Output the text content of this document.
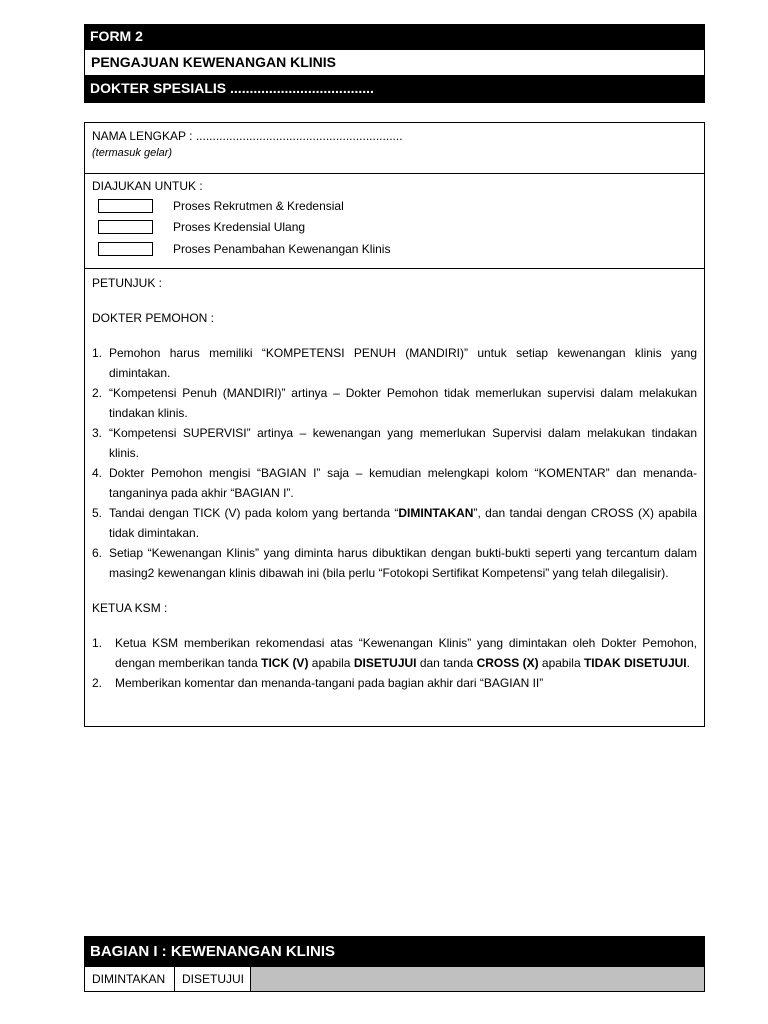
FORM 2
PENGAJUAN KEWENANGAN KLINIS
DOKTER SPESIALIS .....................................
NAMA LENGKAP : ..............................................................
(termasuk gelar)
DIAJUKAN UNTUK :
Proses Rekrutmen & Kredensial
Proses Kredensial Ulang
Proses Penambahan Kewenangan Klinis

PETUNJUK :

DOKTER PEMOHON :

1. Pemohon harus memiliki “KOMPETENSI PENUH (MANDIRI)” untuk setiap kewenangan klinis yang dimintakan.
2. “Kompetensi Penuh (MANDIRI)” artinya – Dokter Pemohon tidak memerlukan supervisi dalam melakukan tindakan klinis.
3. “Kompetensi SUPERVISI” artinya – kewenangan yang memerlukan Supervisi dalam melakukan tindakan klinis.
4. Dokter Pemohon mengisi “BAGIAN I” saja – kemudian melengkapi kolom “KOMENTAR” dan menanda-tanganinya pada akhir “BAGIAN I”.
5. Tandai dengan TICK (V) pada kolom yang bertanda “DIMINTAKAN”, dan tandai dengan CROSS (X) apabila tidak dimintakan.
6. Setiap “Kewenangan Klinis” yang diminta harus dibuktikan dengan bukti-bukti seperti yang tercantum dalam masing2 kewenangan klinis dibawah ini (bila perlu “Fotokopi Sertifikat Kompetensi” yang telah dilegalisir).

KETUA KSM :

1. Ketua KSM memberikan rekomendasi atas “Kewenangan Klinis” yang dimintakan oleh Dokter Pemohon, dengan memberikan tanda TICK (V) apabila DISETUJUI dan tanda CROSS (X) apabila TIDAK DISETUJUI.
2. Memberikan komentar dan menanda-tangani pada bagian akhir dari “BAGIAN II”
BAGIAN I : KEWENANGAN KLINIS
DIMINTAKAN	DISETUJUI
